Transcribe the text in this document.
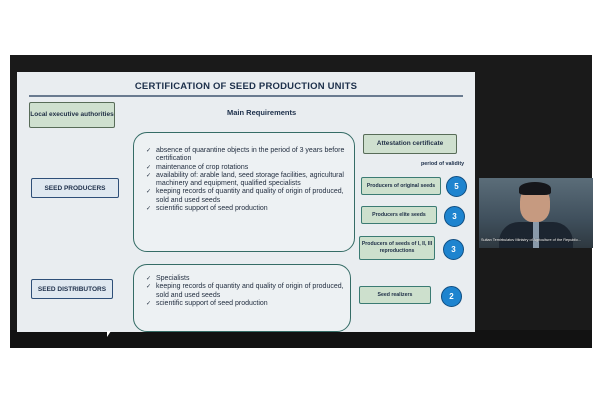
CERTIFICATION OF SEED PRODUCTION UNITS
Local executive authorities	Main Requirements
Attestation certificate
period of validity
SEED PRODUCERS
✓ absence of quarantine objects in the period of 3 years before certification
✓ maintenance of crop rotations
✓ availability of: arable land, seed storage facilities, agricultural machinery and equipment, qualified specialists
✓ keeping records of quantity and quality of origin of produced, sold and used seeds
✓ scientific support of seed production
Producers of original seeds	5
Producers elite seeds	3
Producers of seeds of I, II, III reproductions	3
SEED DISTRIBUTORS
✓ Specialists
✓ keeping records of quantity and quality of origin of produced, sold and used seeds
✓ scientific support of seed production
Seed realizers	2
Sultan Temirbulatov Ministry of Agriculture of the Republic...
